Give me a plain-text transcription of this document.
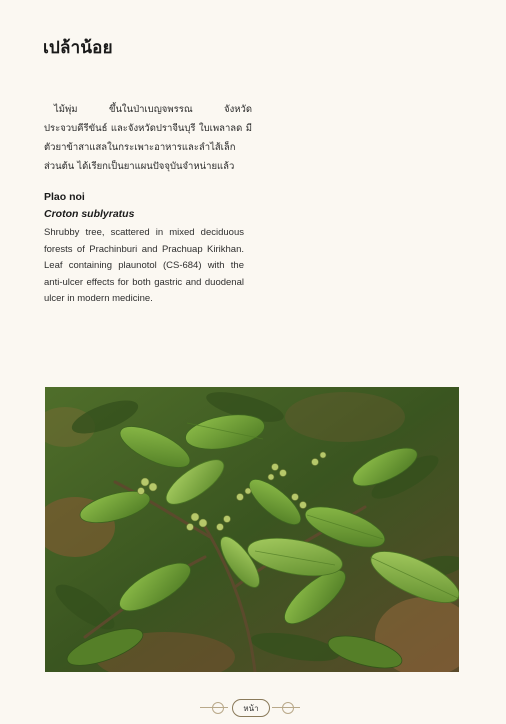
เปล้าน้อย

ไม้พุ่ม ขึ้นในป่าเบญจพรรณ จังหวัดประจวบคีรีขันธ์ และจังหวัดปราจีนบุรี ใบเพลาลด มีตัวยาข้าสาแสลในกระเพาะอาหารและลำไส้เล็กส่วนต้น ได้เรียกเป็นยาแผนปัจจุบันจำหน่ายแล้ว

Plao noi
Croton sublyratus
Shrubby tree, scattered in mixed deciduous forests of Prachinburi and Prachuap Kirikhan. Leaf containing plaunotol (CS-684) with the anti-ulcer effects for both gastric and duodenal ulcer in modern medicine.
หน้า
